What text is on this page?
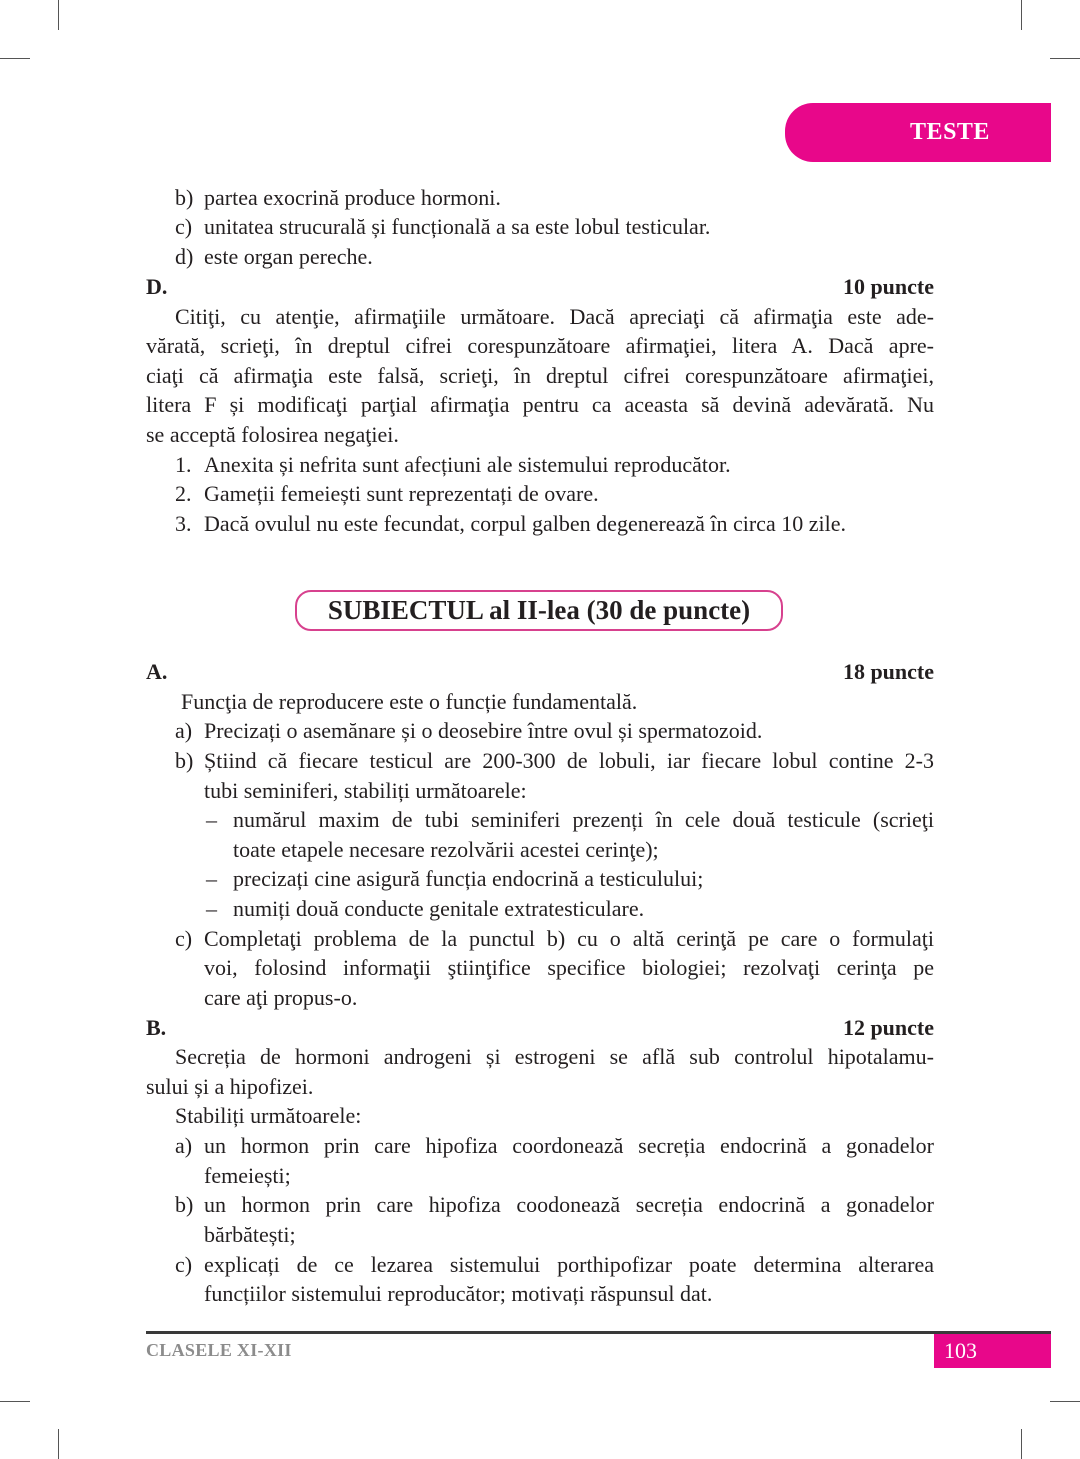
TESTE
b) partea exocrină produce hormoni.
c) unitatea strucurală și funcțională a sa este lobul testicular.
d) este organ pereche.
D.	10 puncte
Citiţi, cu atenţie, afirmaţiile următoare. Dacă apreciaţi că afirmaţia este ade-
vărată, scrieţi, în dreptul cifrei corespunzătoare afirmaţiei, litera A. Dacă apre-
ciaţi că afirmaţia este falsă, scrieţi, în dreptul cifrei corespunzătoare afirmaţiei,
litera F și modificaţi parţial afirmaţia pentru ca aceasta să devină adevărată. Nu
se acceptă folosirea negaţiei.
1. Anexita și nefrita sunt afecțiuni ale sistemului reproducător.
2. Gameții femeiești sunt reprezentați de ovare.
3. Dacă ovulul nu este fecundat, corpul galben degenerează în circa 10 zile.
SUBIECTUL al II-lea (30 de puncte)
A.	18 puncte
Funcţia de reproducere este o funcție fundamentală.
a) Precizați o asemănare și o deosebire între ovul și spermatozoid.
b) Știind că fiecare testicul are 200-300 de lobuli, iar fiecare lobul contine 2-3
tubi seminiferi, stabiliți următoarele:
– numărul maxim de tubi seminiferi prezenți în cele două testicule (scrieţi
toate etapele necesare rezolvării acestei cerinţe);
– precizați cine asigură funcția endocrină a testiculului;
– numiți două conducte genitale extratesticulare.
c) Completaţi problema de la punctul b) cu o altă cerinţă pe care o formulaţi
voi, folosind informaţii ştiinţifice specifice biologiei; rezolvaţi cerinţa pe
care aţi propus-o.
B.	12 puncte
Secreția de hormoni androgeni și estrogeni se află sub controlul hipotalamu-
sului și a hipofizei.
Stabiliți următoarele:
a) un hormon prin care hipofiza coordonează secreția endocrină a gonadelor
femeiești;
b) un hormon prin care hipofiza coodonează secreția endocrină a gonadelor
bărbătești;
c) explicați de ce lezarea sistemului porthipofizar poate determina alterarea
funcțiilor sistemului reproducător; motivați răspunsul dat.
CLASELE XI-XII	103
